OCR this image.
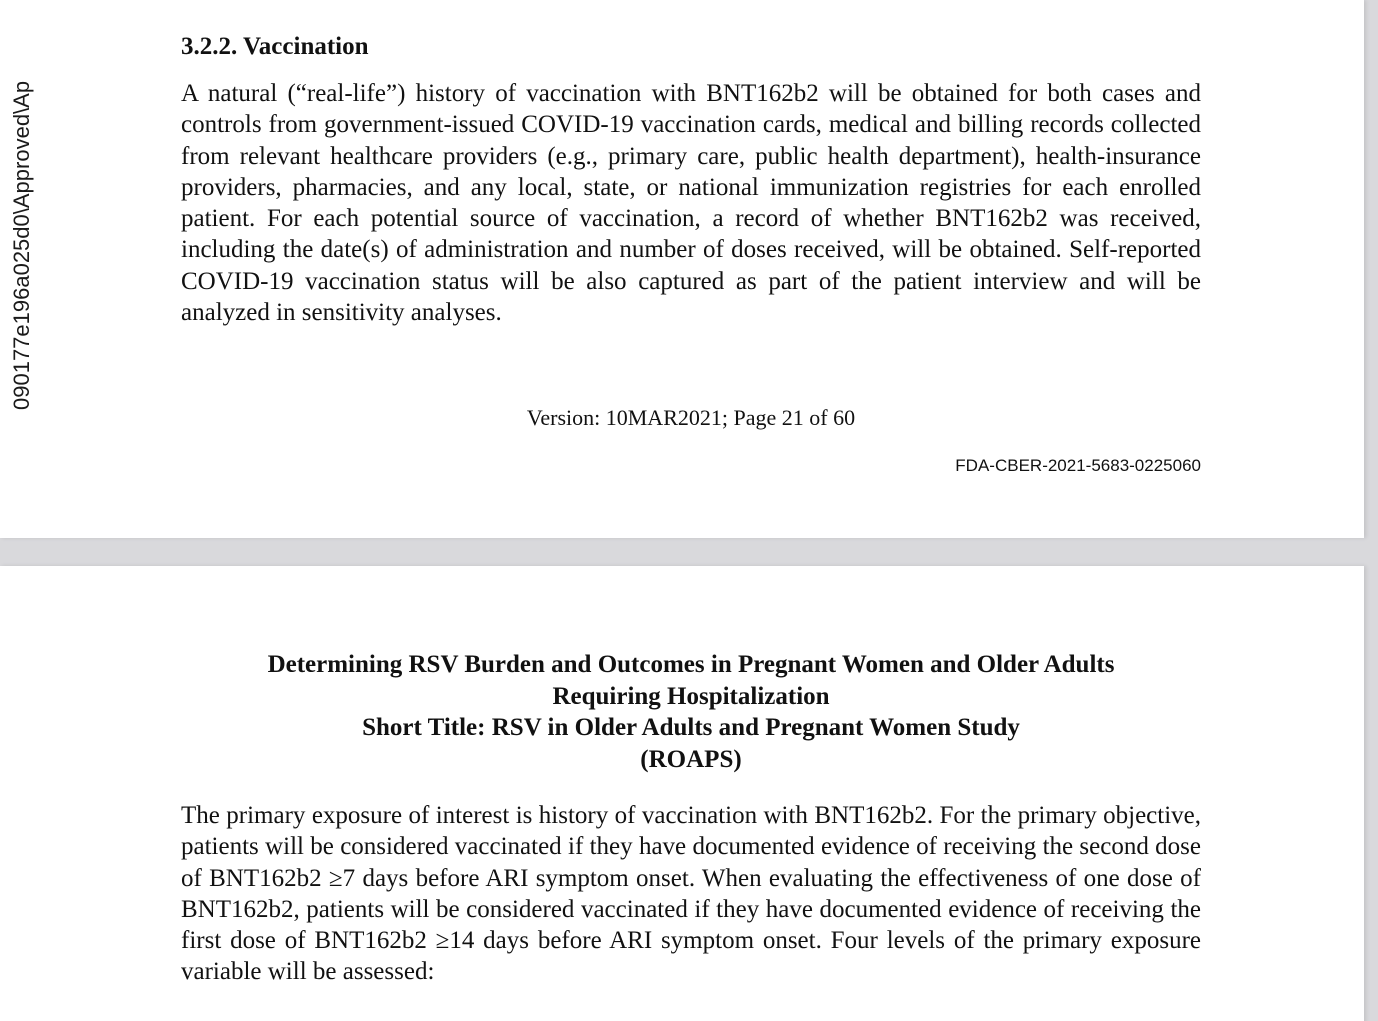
090177e196a025d0\Approved\Ap
3.2.2. Vaccination

A natural (“real-life”) history of vaccination with BNT162b2 will be obtained for both cases and controls from government-issued COVID-19 vaccination cards, medical and billing records collected from relevant healthcare providers (e.g., primary care, public health department), health-insurance providers, pharmacies, and any local, state, or national immunization registries for each enrolled patient. For each potential source of vaccination, a record of whether BNT162b2 was received, including the date(s) of administration and number of doses received, will be obtained. Self-reported COVID-19 vaccination status will be also captured as part of the patient interview and will be analyzed in sensitivity analyses.

Version: 10MAR2021; Page 21 of 60

FDA-CBER-2021-5683-0225060

Determining RSV Burden and Outcomes in Pregnant Women and Older Adults
Requiring Hospitalization
Short Title: RSV in Older Adults and Pregnant Women Study
(ROAPS)

The primary exposure of interest is history of vaccination with BNT162b2. For the primary objective, patients will be considered vaccinated if they have documented evidence of receiving the second dose of BNT162b2 ≥7 days before ARI symptom onset. When evaluating the effectiveness of one dose of BNT162b2, patients will be considered vaccinated if they have documented evidence of receiving the first dose of BNT162b2 ≥14 days before ARI symptom onset. Four levels of the primary exposure variable will be assessed:
